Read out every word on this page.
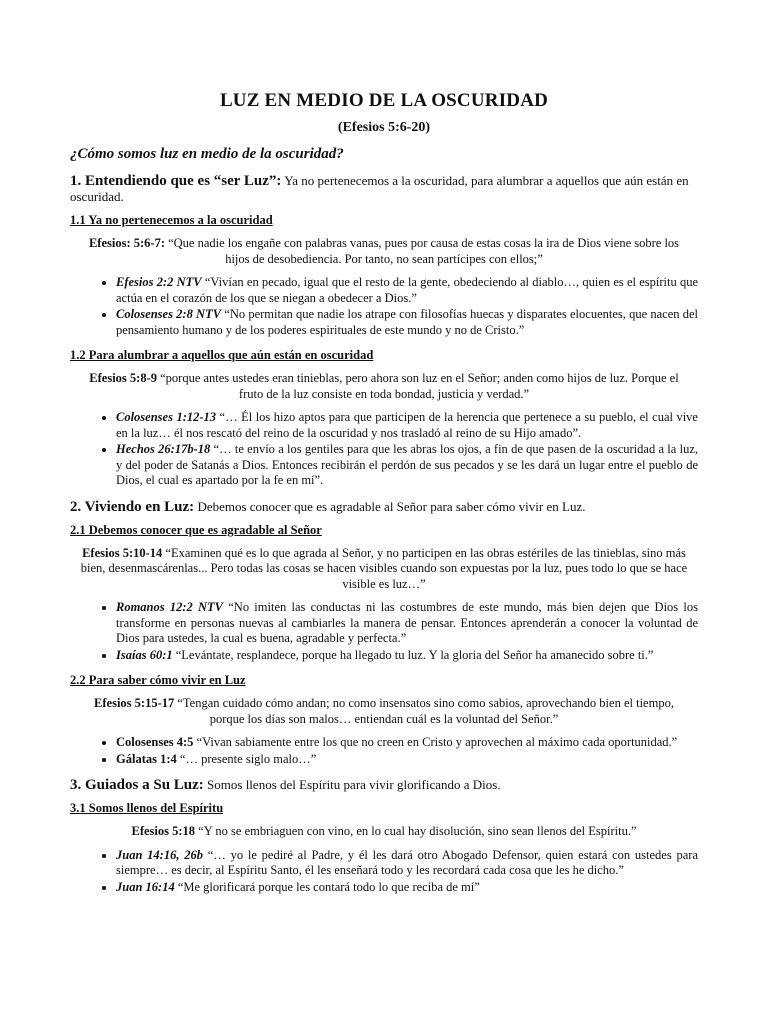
LUZ EN MEDIO DE LA OSCURIDAD
(Efesios 5:6-20)
¿Cómo somos luz en medio de la oscuridad?

1. Entendiendo que es “ser Luz”: Ya no pertenecemos a la oscuridad, para alumbrar a aquellos que aún están en oscuridad.

1.1 Ya no pertenecemos a la oscuridad

Efesios: 5:6-7: “Que nadie los engañe con palabras vanas, pues por causa de estas cosas la ira de Dios viene sobre los hijos de desobediencia. Por tanto, no sean partícipes con ellos;”

• Efesios 2:2 NTV “Vivían en pecado, igual que el resto de la gente, obedeciendo al diablo…, quien es el espíritu que actúa en el corazón de los que se niegan a obedecer a Dios.”
• Colosenses 2:8 NTV “No permitan que nadie los atrape con filosofías huecas y disparates elocuentes, que nacen del pensamiento humano y de los poderes espirituales de este mundo y no de Cristo.”
1.2 Para alumbrar a aquellos que aún están en oscuridad

Efesios 5:8-9 “porque antes ustedes eran tinieblas, pero ahora son luz en el Señor; anden como hijos de luz. Porque el fruto de la luz consiste en toda bondad, justicia y verdad.”

• Colosenses 1:12-13 “… Él los hizo aptos para que participen de la herencia que pertenece a su pueblo, el cual vive en la luz… él nos rescató del reino de la oscuridad y nos trasladó al reino de su Hijo amado”.
• Hechos 26:17b-18 “… te envío a los gentiles para que les abras los ojos, a fin de que pasen de la oscuridad a la luz, y del poder de Satanás a Dios. Entonces recibirán el perdón de sus pecados y se les dará un lugar entre el pueblo de Dios, el cual es apartado por la fe en mí”.

2. Viviendo en Luz: Debemos conocer que es agradable al Señor para saber cómo vivir en Luz.

2.1 Debemos conocer que es agradable al Señor

Efesios 5:10-14 “Examinen qué es lo que agrada al Señor, y no participen en las obras estériles de las tinieblas, sino más bien, desenmascárenlas... Pero todas las cosas se hacen visibles cuando son expuestas por la luz, pues todo lo que se hace visible es luz…”

• Romanos 12:2 NTV “No imiten las conductas ni las costumbres de este mundo, más bien dejen que Dios los transforme en personas nuevas al cambiarles la manera de pensar. Entonces aprenderán a conocer la voluntad de Dios para ustedes, la cual es buena, agradable y perfecta.”
• Isaías 60:1 “Levántate, resplandece, porque ha llegado tu luz. Y la gloria del Señor ha amanecido sobre ti.”
2.2 Para saber cómo vivir en Luz

Efesios 5:15-17 “Tengan cuidado cómo andan; no como insensatos sino como sabios, aprovechando bien el tiempo, porque los días son malos… entiendan cuál es la voluntad del Señor.”

• Colosenses 4:5 “Vivan sabiamente entre los que no creen en Cristo y aprovechen al máximo cada oportunidad.”
• Gálatas 1:4 “… presente siglo malo…”

3. Guiados a Su Luz: Somos llenos del Espíritu para vivir glorificando a Dios.

3.1 Somos llenos del Espíritu

Efesios 5:18 “Y no se embriaguen con vino, en lo cual hay disolución, sino sean llenos del Espíritu.”

• Juan 14:16, 26b “… yo le pediré al Padre, y él les dará otro Abogado Defensor, quien estará con ustedes para siempre… es decir, al Espíritu Santo, él les enseñará todo y les recordará cada cosa que les he dicho.”
• Juan 16:14 “Me glorificará porque les contará todo lo que reciba de mí”
